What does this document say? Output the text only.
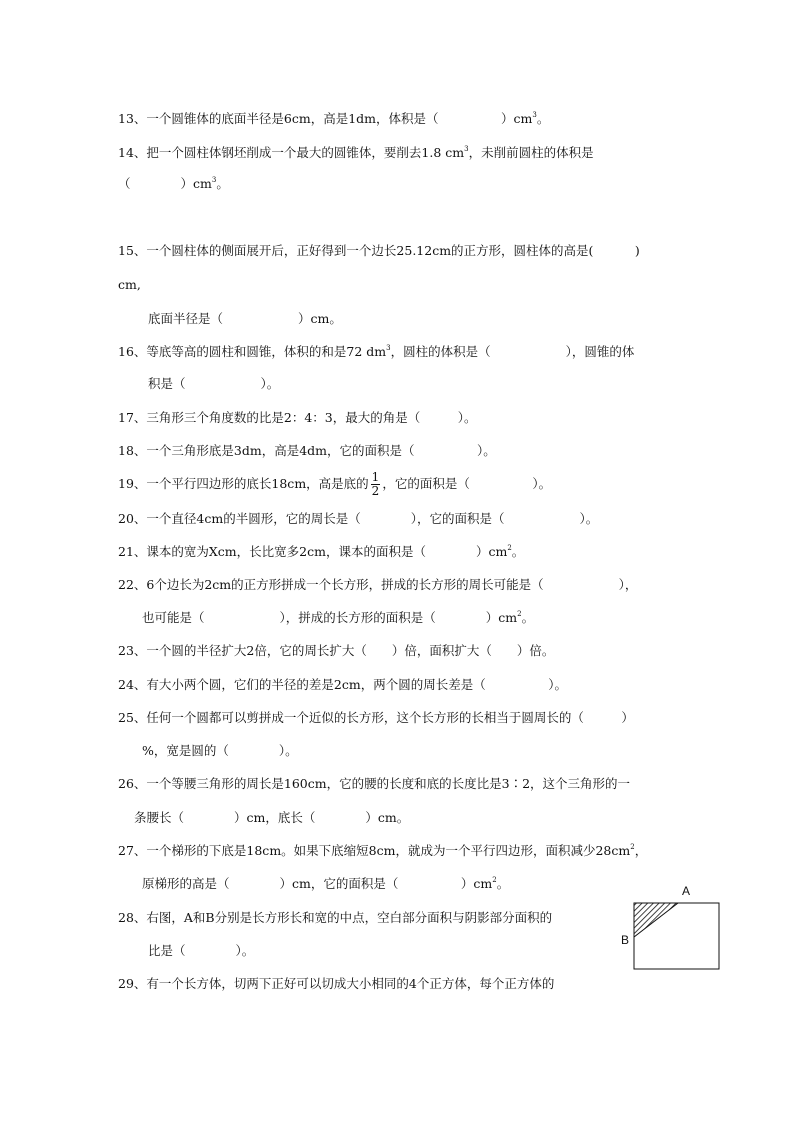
13、一个圆锥体的底面半径是6cm，高是1dm，体积是（　　　　　）$cm^3$。
14、把一个圆柱体钢坯削成一个最大的圆锥体，要削去1.8 $cm^3$，未削前圆柱的体积是
（　　　　）$cm^3$。
15、一个圆柱体的侧面展开后，正好得到一个边长25.12cm的正方形，圆柱体的高是(　　　 )
cm,
底面半径是（　　　　　　）cm。
16、等底等高的圆柱和圆锥，体积的和是72 $dm^3$，圆柱的体积是（　　　　　　），圆锥的体
积是（　　　　　　）。
17、三角形三个角度数的比是2：4：3，最大的角是（　　　）。
18、一个三角形底是3dm，高是4dm，它的面积是（　　　　　）。
19、一个平行四边形的底长18cm，高是底的 $\frac{1}{2}$ ，它的面积是（　　　　　）。
20、一个直径4cm的半圆形，它的周长是（　　　　），它的面积是（　　　　　　）。
21、课本的宽为Xcm，长比宽多2cm，课本的面积是（　　　　）$cm^2$。
22、6个边长为2cm的正方形拼成一个长方形，拼成的长方形的周长可能是（　　　　　　），
也可能是（　　　　　　），拼成的长方形的面积是（　　　　）$cm^2$。
23、一个圆的半径扩大2倍，它的周长扩大（　　）倍，面积扩大（　　）倍。
24、有大小两个圆，它们的半径的差是2cm，两个圆的周长差是（　　　　　）。
25、任何一个圆都可以剪拼成一个近似的长方形，这个长方形的长相当于圆周长的（　　　）
%，宽是圆的（　　　　）。
26、一个等腰三角形的周长是160cm，它的腰的长度和底的长度比是3∶2，这个三角形的一
条腰长（　　　　）cm，底长（　　　　）cm。
27、一个梯形的下底是18cm。如果下底缩短8cm，就成为一个平行四边形，面积减少$28cm^2$，
原梯形的高是（　　　　）cm，它的面积是（　　　　　）$cm^2$。
28、右图，A和B分别是长方形长和宽的中点，空白部分面积与阴影部分面积的
比是（　　　　）。
29、有一个长方体，切两下正好可以切成大小相同的4个正方体，每个正方体的
A
B
